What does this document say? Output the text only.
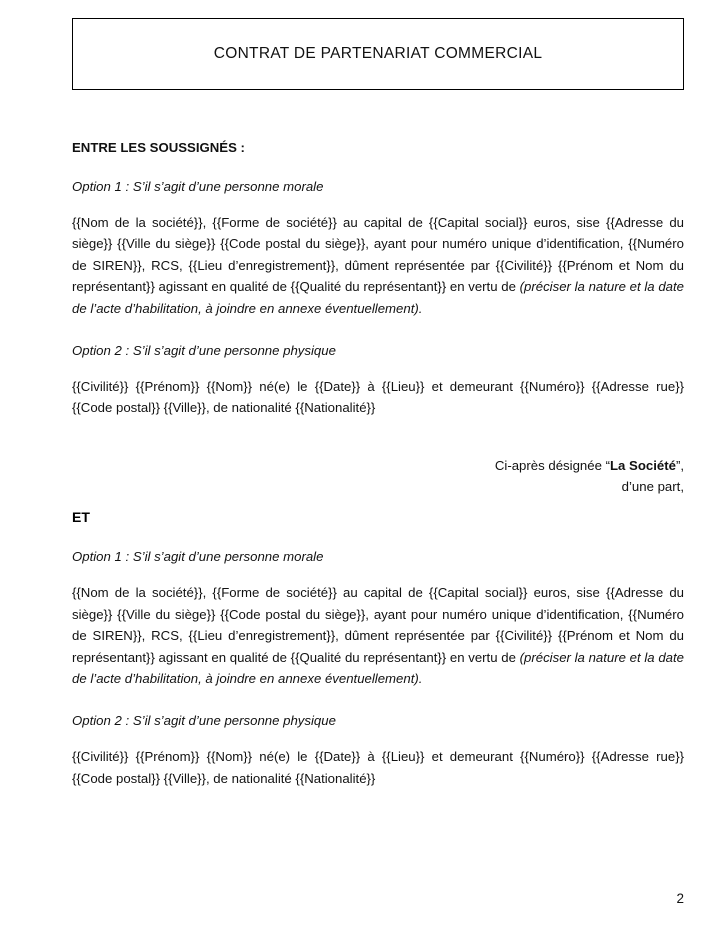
CONTRAT DE PARTENARIAT COMMERCIAL
ENTRE LES SOUSSIGNÉS :
Option 1 : S’il s’agit d’une personne morale

{{Nom de la société}}, {{Forme de société}} au capital de {{Capital social}} euros, sise {{Adresse du siège}} {{Ville du siège}} {{Code postal du siège}}, ayant pour numéro unique d’identification, {{Numéro de SIREN}}, RCS, {{Lieu d’enregistrement}}, dûment représentée par {{Civilité}} {{Prénom et Nom du représentant}} agissant en qualité de {{Qualité du représentant}} en vertu de (préciser la nature et la date de l’acte d’habilitation, à joindre en annexe éventuellement).

Option 2 : S’il s’agit d’une personne physique

{{Civilité}} {{Prénom}} {{Nom}} né(e) le {{Date}} à {{Lieu}} et demeurant {{Numéro}} {{Adresse rue}} {{Code postal}} {{Ville}}, de nationalité {{Nationalité}}

Ci-après désignée “La Société”,
d’une part,
ET
Option 1 : S’il s’agit d’une personne morale

{{Nom de la société}}, {{Forme de société}} au capital de {{Capital social}} euros, sise {{Adresse du siège}} {{Ville du siège}} {{Code postal du siège}}, ayant pour numéro unique d’identification, {{Numéro de SIREN}}, RCS, {{Lieu d’enregistrement}}, dûment représentée par {{Civilité}} {{Prénom et Nom du représentant}} agissant en qualité de {{Qualité du représentant}} en vertu de (préciser la nature et la date de l’acte d’habilitation, à joindre en annexe éventuellement).

Option 2 : S’il s’agit d’une personne physique

{{Civilité}} {{Prénom}} {{Nom}} né(e) le {{Date}} à {{Lieu}} et demeurant {{Numéro}} {{Adresse rue}} {{Code postal}} {{Ville}}, de nationalité {{Nationalité}}

2
